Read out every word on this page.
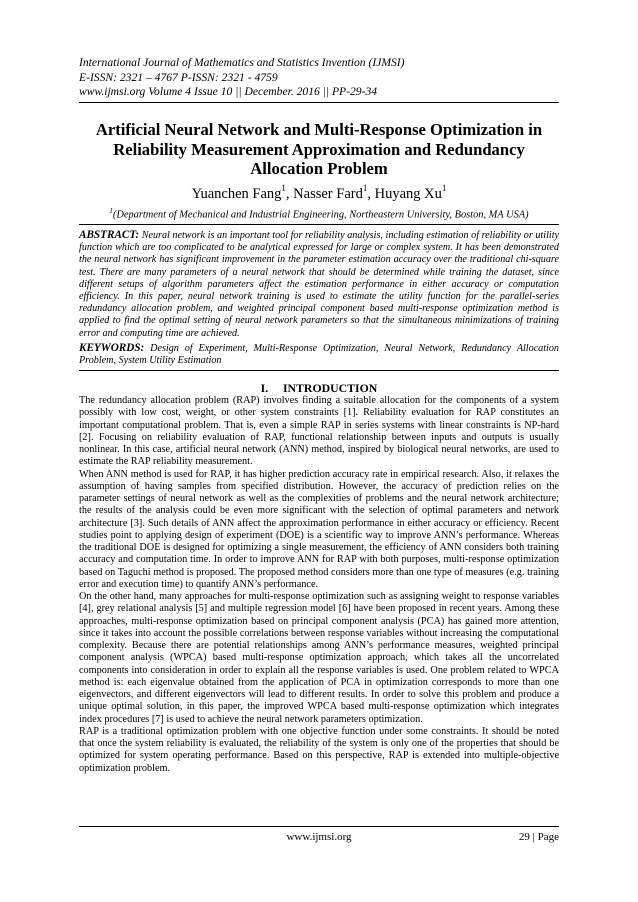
International Journal of Mathematics and Statistics Invention (IJMSI)
E-ISSN: 2321 – 4767 P-ISSN: 2321 - 4759
www.ijmsi.org Volume 4 Issue 10 || December. 2016 || PP-29-34
Artificial Neural Network and Multi-Response Optimization in Reliability Measurement Approximation and Redundancy Allocation Problem
Yuanchen Fang$^1$, Nasser Fard$^1$, Huyang Xu$^1$
$^1$(Department of Mechanical and Industrial Engineering, Northeastern University, Boston, MA USA)
ABSTRACT: Neural network is an important tool for reliability analysis, including estimation of reliability or utility function which are too complicated to be analytical expressed for large or complex system. It has been demonstrated the neural network has significant improvement in the parameter estimation accuracy over the traditional chi-square test. There are many parameters of a neural network that should be determined while training the dataset, since different setups of algorithm parameters affect the estimation performance in either accuracy or computation efficiency. In this paper, neural network training is used to estimate the utility function for the parallel-series redundancy allocation problem, and weighted principal component based multi-response optimization method is applied to find the optimal setting of neural network parameters so that the simultaneous minimizations of training error and computing time are achieved.
KEYWORDS: Design of Experiment, Multi-Response Optimization, Neural Network, Redundancy Allocation Problem, System Utility Estimation
I.     INTRODUCTION

The redundancy allocation problem (RAP) involves finding a suitable allocation for the components of a system possibly with low cost, weight, or other system constraints [1]. Reliability evaluation for RAP constitutes an important computational problem. That is, even a simple RAP in series systems with linear constraints is NP-hard [2]. Focusing on reliability evaluation of RAP, functional relationship between inputs and outputs is usually nonlinear. In this case, artificial neural network (ANN) method, inspired by biological neural networks, are used to estimate the RAP reliability measurement.

When ANN method is used for RAP, it has higher prediction accuracy rate in empirical research. Also, it relaxes the assumption of having samples from specified distribution. However, the accuracy of prediction relies on the parameter settings of neural network as well as the complexities of problems and the neural network architecture; the results of the analysis could be even more significant with the selection of optimal parameters and network architecture [3]. Such details of ANN affect the approximation performance in either accuracy or efficiency. Recent studies point to applying design of experiment (DOE) is a scientific way to improve ANN’s performance. Whereas the traditional DOE is designed for optimizing a single measurement, the efficiency of ANN considers both training accuracy and computation time. In order to improve ANN for RAP with both purposes, multi-response optimization based on Taguchi method is proposed. The proposed method considers more than one type of measures (e.g. training error and execution time) to quantify ANN’s performance.

On the other hand, many approaches for multi-response optimization such as assigning weight to response variables [4], grey relational analysis [5] and multiple regression model [6] have been proposed in recent years. Among these approaches, multi-response optimization based on principal component analysis (PCA) has gained more attention, since it takes into account the possible correlations between response variables without increasing the computational complexity. Because there are potential relationships among ANN’s performance measures, weighted principal component analysis (WPCA) based multi-response optimization approach, which takes all the uncorrelated components into consideration in order to explain all the response variables is used. One problem related to WPCA method is: each eigenvalue obtained from the application of PCA in optimization corresponds to more than one eigenvectors, and different eigenvectors will lead to different results. In order to solve this problem and produce a unique optimal solution, in this paper, the improved WPCA based multi-response optimization which integrates index procedures [7] is used to achieve the neural network parameters optimization.

RAP is a traditional optimization problem with one objective function under some constraints. It should be noted that once the system reliability is evaluated, the reliability of the system is only one of the properties that should be optimized for system operating performance. Based on this perspective, RAP is extended into multiple-objective optimization problem.

www.ijmsi.org	29 | Page
